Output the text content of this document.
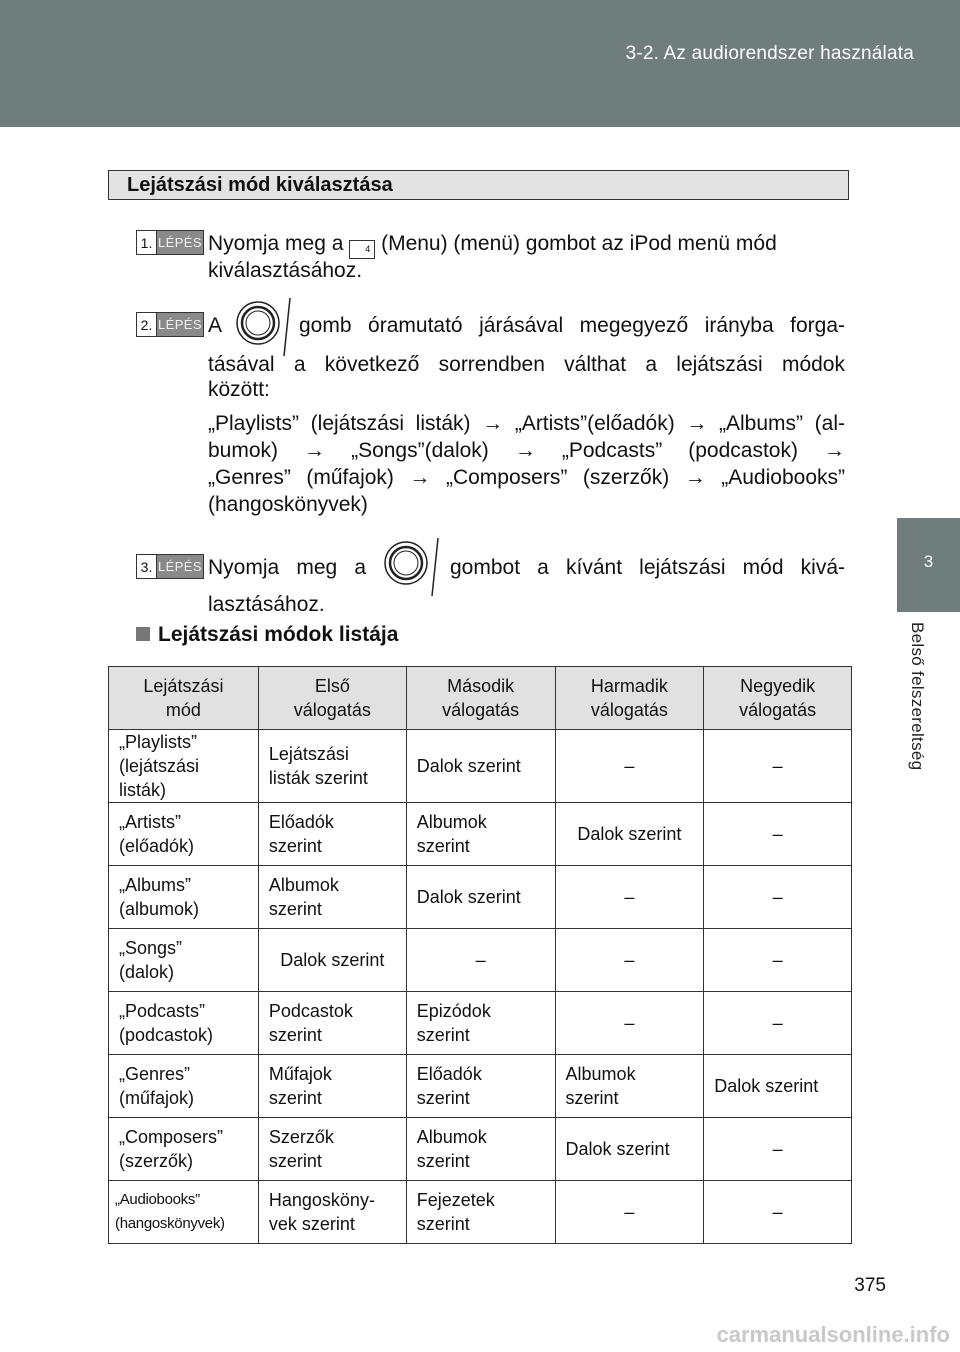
3-2. Az audiorendszer használata
3
Belső felszereltség
Lejátszási mód kiválasztása
1. LÉPÉS Nyomja meg a 4 (Menu) (menü) gombot az iPod menü mód
kiválasztásához.
2. LÉPÉS A	gomb óramutató járásával megegyező irányba forga-
tásával a következő sorrendben válthat a lejátszási módok
között:
„Playlists” (lejátszási listák) → „Artists”(előadók) → „Albums” (al-
bumok) → „Songs”(dalok) → „Podcasts” (podcastok) →
„Genres” (műfajok) → „Composers” (szerzők) → „Audiobooks”
(hangoskönyvek)
3. LÉPÉS Nyomja meg a	gombot a kívánt lejátszási mód kivá-
lasztásához.
Lejátszási módok listája
Lejátszási
mód	Első
válogatás	Második
válogatás	Harmadik
válogatás	Negyedik
válogatás
„Playlists”
(lejátszási
listák)	Lejátszási
listák szerint	Dalok szerint	–	–
„Artists”
(előadók)	Előadók
szerint	Albumok
szerint	Dalok szerint	–
„Albums”
(albumok)	Albumok
szerint	Dalok szerint	–	–
„Songs”
(dalok)	Dalok szerint	–	–	–
„Podcasts”
(podcastok)	Podcastok
szerint	Epizódok
szerint	–	–
„Genres”
(műfajok)	Műfajok
szerint	Előadók
szerint	Albumok
szerint	Dalok szerint
„Composers”
(szerzők)	Szerzők
szerint	Albumok
szerint	Dalok szerint	–
„Audiobooks”
(hangoskönyvek)	Hangosköny-
vek szerint	Fejezetek
szerint	–	–
375
carmanualsonline.info
